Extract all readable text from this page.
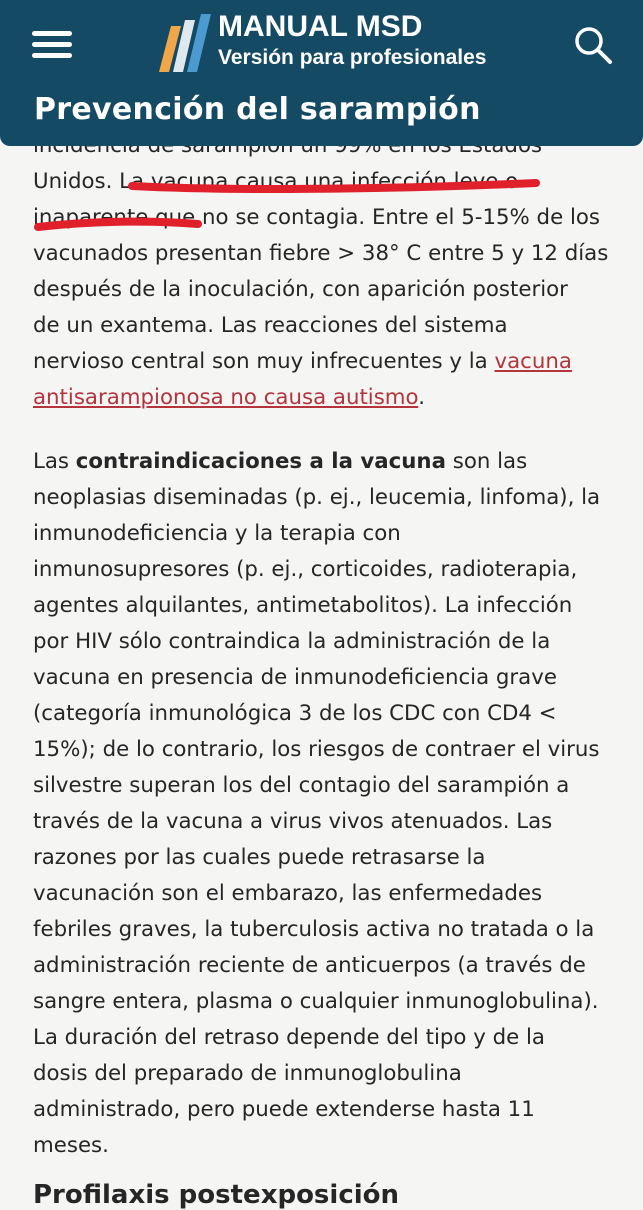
MANUAL MSD
Versión para profesionales
Prevención del sarampión
Unidos. La vacuna causa una infección leve o
inaparente que no se contagia. Entre el 5-15% de los
vacunados presentan fiebre > 38° C entre 5 y 12 días
después de la inoculación, con aparición posterior
de un exantema. Las reacciones del sistema
nervioso central son muy infrecuentes y la vacuna
antisarampionosa no causa autismo.
Las contraindicaciones a la vacuna son las
neoplasias diseminadas (p. ej., leucemia, linfoma), la
inmunodeficiencia y la terapia con
inmunosupresores (p. ej., corticoides, radioterapia,
agentes alquilantes, antimetabolitos). La infección
por HIV sólo contraindica la administración de la
vacuna en presencia de inmunodeficiencia grave
(categoría inmunológica 3 de los CDC con CD4 <
15%); de lo contrario, los riesgos de contraer el virus
silvestre superan los del contagio del sarampión a
través de la vacuna a virus vivos atenuados. Las
razones por las cuales puede retrasarse la
vacunación son el embarazo, las enfermedades
febriles graves, la tuberculosis activa no tratada o la
administración reciente de anticuerpos (a través de
sangre entera, plasma o cualquier inmunoglobulina).
La duración del retraso depende del tipo y de la
dosis del preparado de inmunoglobulina
administrado, pero puede extenderse hasta 11
meses.
Profilaxis postexposición
